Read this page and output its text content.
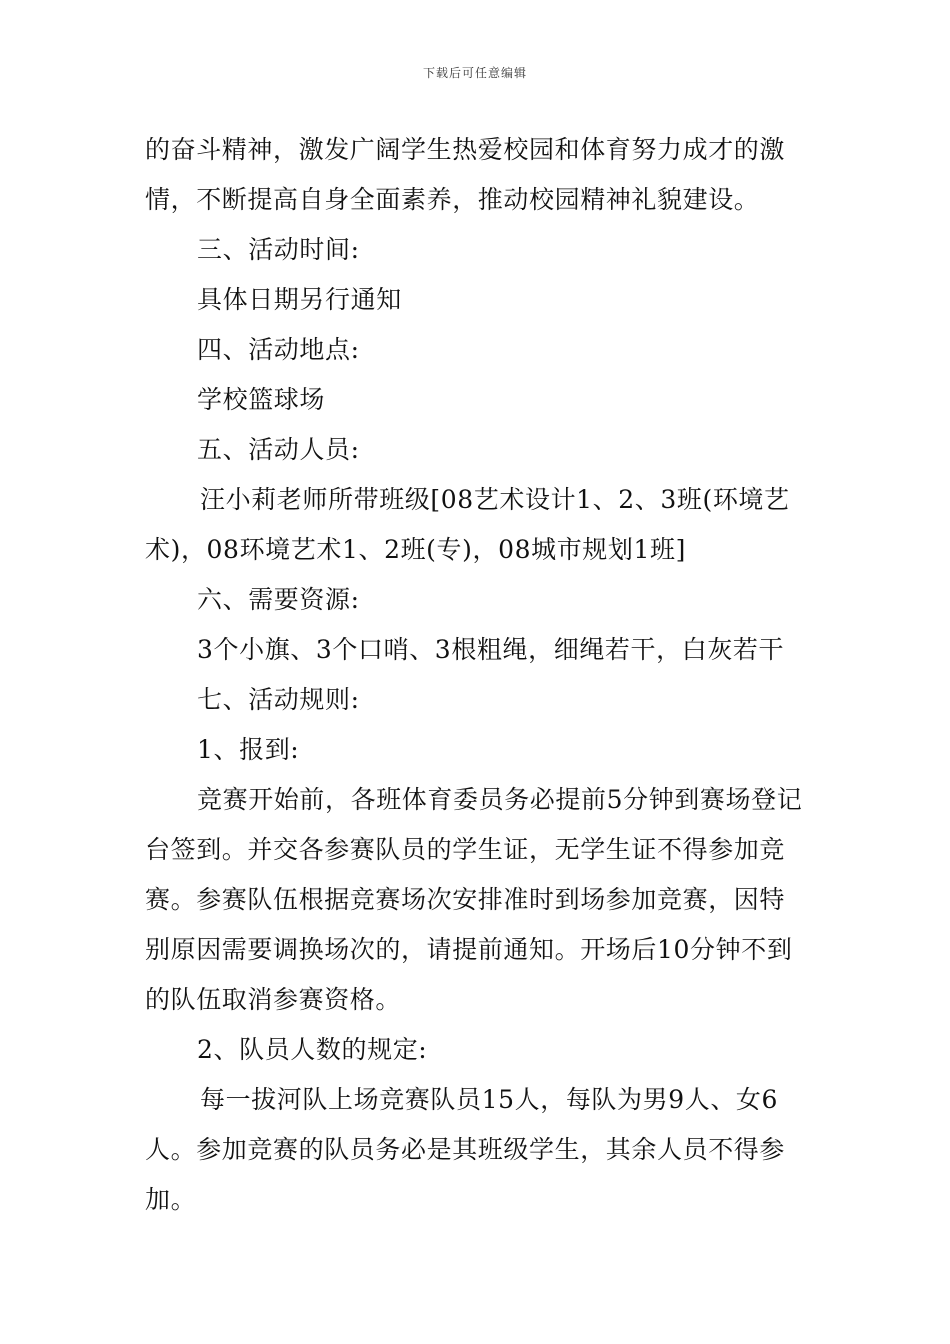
下载后可任意编辑
的奋斗精神，激发广阔学生热爱校园和体育努力成才的激
情，不断提高自身全面素养，推动校园精神礼貌建设。
三、活动时间:
具体日期另行通知
四、活动地点:
学校篮球场
五、活动人员:
汪小莉老师所带班级[08艺术设计1、2、3班(环境艺
术)，08环境艺术1、2班(专)，08城市规划1班]
六、需要资源:
3个小旗、3个口哨、3根粗绳，细绳若干，白灰若干
七、活动规则:
1、报到:
竞赛开始前，各班体育委员务必提前5分钟到赛场登记
台签到。并交各参赛队员的学生证，无学生证不得参加竞
赛。参赛队伍根据竞赛场次安排准时到场参加竞赛，因特
别原因需要调换场次的，请提前通知。开场后10分钟不到
的队伍取消参赛资格。
2、队员人数的规定:
每一拔河队上场竞赛队员15人，每队为男9人、女6
人。参加竞赛的队员务必是其班级学生，其余人员不得参
加。
